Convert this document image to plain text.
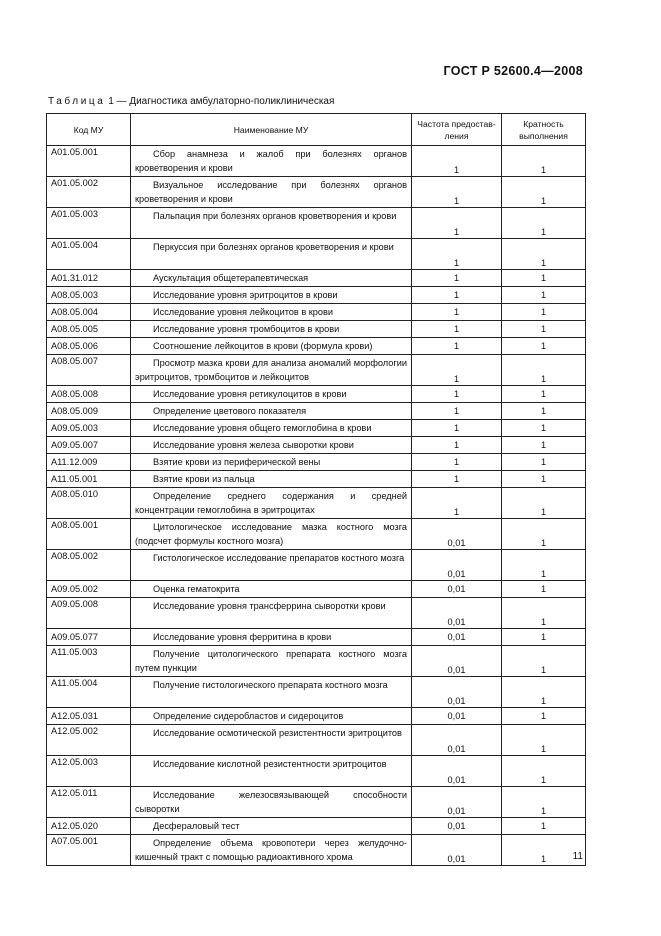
ГОСТ Р 52600.4—2008
Таблица 1 — Диагностика амбулаторно-поликлиническая
Код МУ	Наименование МУ	Частота предостав-ления	Кратность выполнения
A01.05.001	Сбор анамнеза и жалоб при болезнях органов кроветворения и крови	1	1
A01.05.002	Визуальное исследование при болезнях органов кроветворения и крови	1	1
A01.05.003	Пальпация при болезнях органов кроветворения и крови	1	1
A01.05.004	Перкуссия при болезнях органов кроветворения и крови	1	1
A01.31.012	Аускультация общетерапевтическая	1	1
A08.05.003	Исследование уровня эритроцитов в крови	1	1
A08.05.004	Исследование уровня лейкоцитов в крови	1	1
A08.05.005	Исследование уровня тромбоцитов в крови	1	1
A08.05.006	Соотношение лейкоцитов в крови (формула крови)	1	1
A08.05.007	Просмотр мазка крови для анализа аномалий морфологии эритроцитов, тромбоцитов и лейкоцитов	1	1
A08.05.008	Исследование уровня ретикулоцитов в крови	1	1
A08.05.009	Определение цветового показателя	1	1
A09.05.003	Исследование уровня общего гемоглобина в крови	1	1
A09.05.007	Исследование уровня железа сыворотки крови	1	1
A11.12.009	Взятие крови из периферической вены	1	1
A11.05.001	Взятие крови из пальца	1	1
A08.05.010	Определение среднего содержания и средней концентрации гемоглобина в эритроцитах	1	1
A08.05.001	Цитологическое исследование мазка костного мозга (подсчет формулы костного мозга)	0,01	1
A08.05.002	Гистологическое исследование препаратов костного мозга	0,01	1
A09.05.002	Оценка гематокрита	0,01	1
A09.05.008	Исследование уровня трансферрина сыворотки крови	0,01	1
A09.05.077	Исследование уровня ферритина в крови	0,01	1
A11.05.003	Получение цитологического препарата костного мозга путем пункции	0,01	1
A11.05.004	Получение гистологического препарата костного мозга	0,01	1
A12.05.031	Определение сидеробластов и сидероцитов	0,01	1
A12.05.002	Исследование осмотической резистентности эритроцитов	0,01	1
A12.05.003	Исследование кислотной резистентности эритроцитов	0,01	1
A12.05.011	Исследование железосвязывающей способности сыворотки	0,01	1
A12.05.020	Десфераловый тест	0,01	1
A07.05.001	Определение объема кровопотери через желудочно-кишечный тракт с помощью радиоактивного хрома	0,01	1	11
